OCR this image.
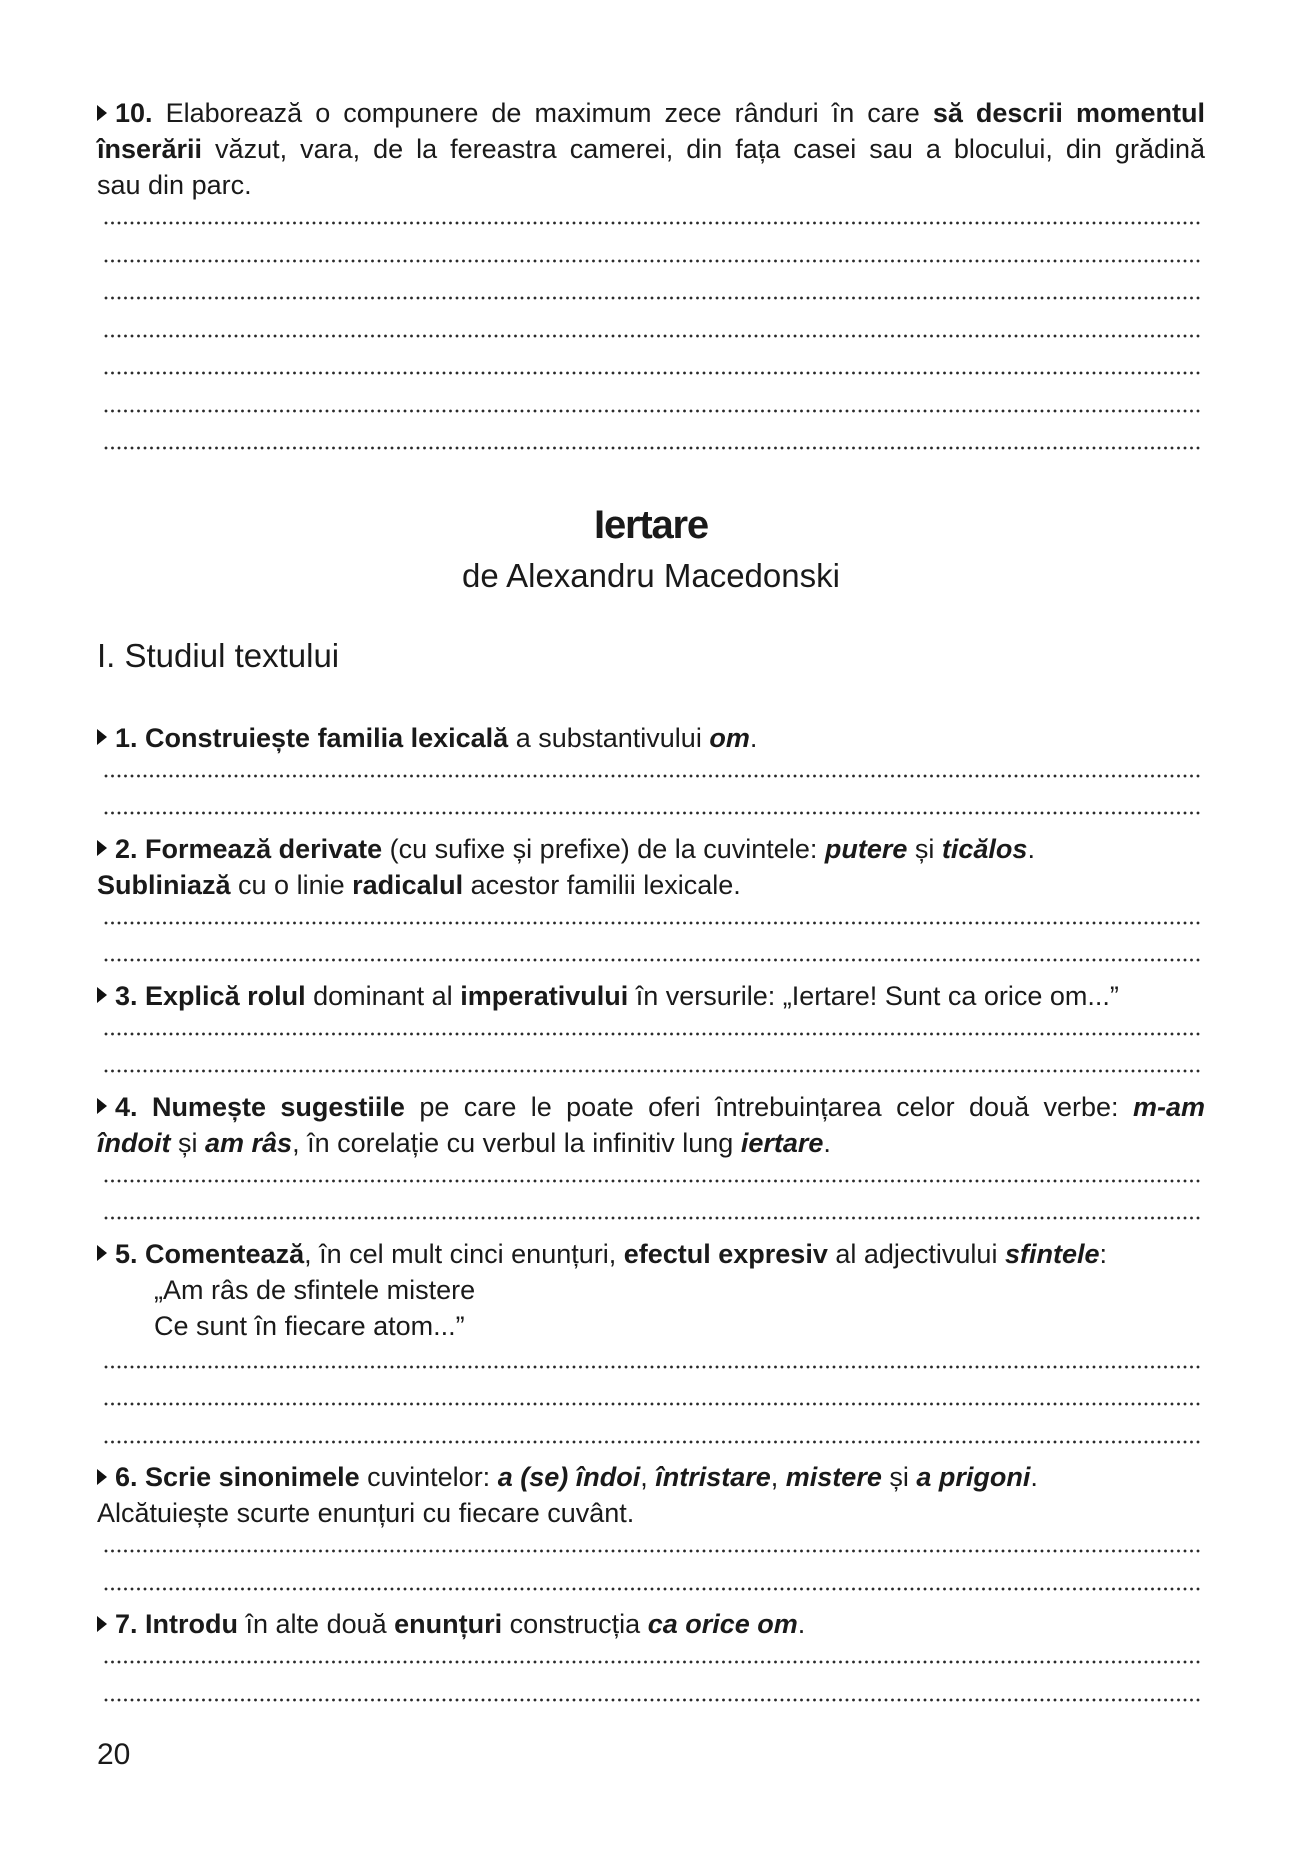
10. Elaborează o compunere de maximum zece rânduri în care să descrii momentul
înserării văzut, vara, de la fereastra camerei, din fața casei sau a blocului, din grădină
sau din parc.
Iertare
de Alexandru Macedonski
I. Studiul textului
1. Construiește familia lexicală a substantivului om.
2. Formează derivate (cu sufixe și prefixe) de la cuvintele: putere și ticălos.
Subliniază cu o linie radicalul acestor familii lexicale.
3. Explică rolul dominant al imperativului în versurile: „Iertare! Sunt ca orice om...”
4. Numește sugestiile pe care le poate oferi întrebuințarea celor două verbe: m-am
îndoit și am râs, în corelație cu verbul la infinitiv lung iertare.
5. Comentează, în cel mult cinci enunțuri, efectul expresiv al adjectivului sfintele:
„Am râs de sfintele mistere
Ce sunt în fiecare atom...”
6. Scrie sinonimele cuvintelor: a (se) îndoi, întristare, mistere și a prigoni.
Alcătuiește scurte enunțuri cu fiecare cuvânt.
7. Introdu în alte două enunțuri construcția ca orice om.
20
